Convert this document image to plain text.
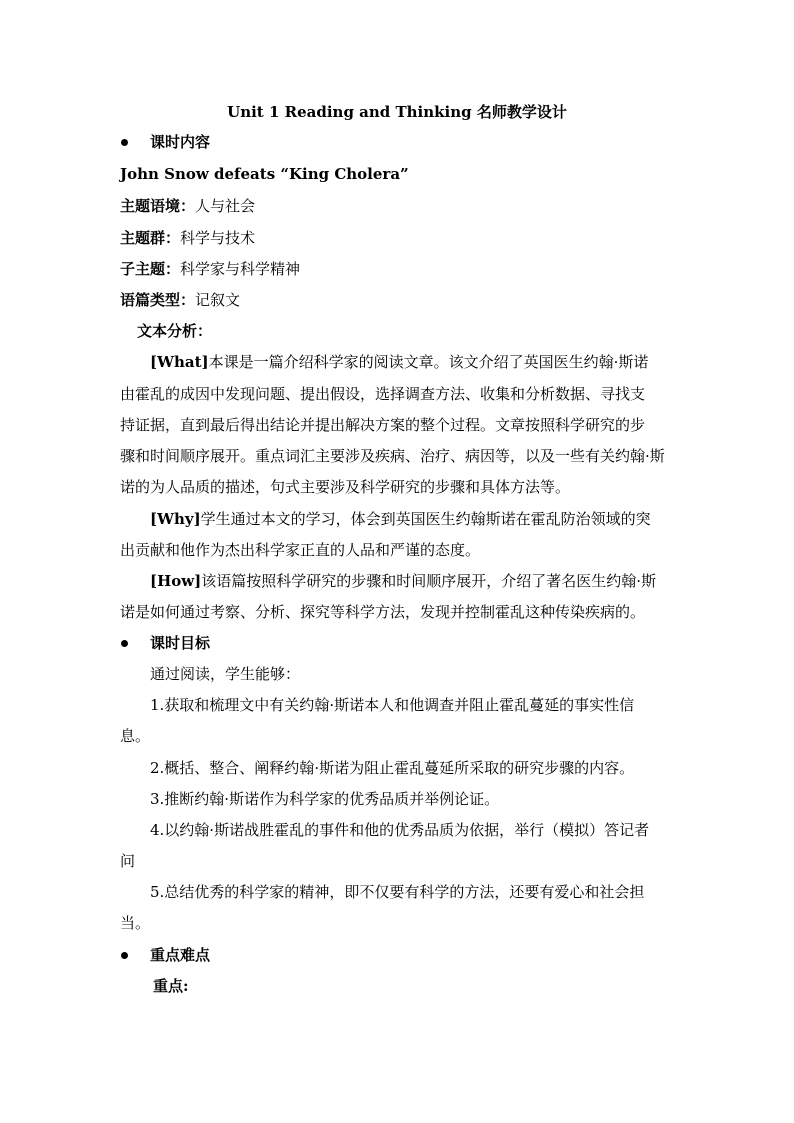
Unit 1 Reading and Thinking 名师教学设计
课时内容
John Snow defeats “King Cholera”
主题语境：人与社会
主题群：科学与技术
子主题：科学家与科学精神
语篇类型：记叙文
文本分析：
[What]本课是一篇介绍科学家的阅读文章。该文介绍了英国医生约翰·斯诺
由霍乱的成因中发现问题、提出假设，选择调查方法、收集和分析数据、寻找支
持证据，直到最后得出结论并提出解决方案的整个过程。文章按照科学研究的步
骤和时间顺序展开。重点词汇主要涉及疾病、治疗、病因等，以及一些有关约翰·斯
诺的为人品质的描述，句式主要涉及科学研究的步骤和具体方法等。
[Why]学生通过本文的学习，体会到英国医生约翰斯诺在霍乱防治领域的突
出贡献和他作为杰出科学家正直的人品和严谨的态度。
[How]该语篇按照科学研究的步骤和时间顺序展开，介绍了著名医生约翰·斯
诺是如何通过考察、分析、探究等科学方法，发现并控制霍乱这种传染疾病的。
课时目标
通过阅读，学生能够：
1.获取和梳理文中有关约翰·斯诺本人和他调查并阻止霍乱蔓延的事实性信
息。
2.概括、整合、阐释约翰·斯诺为阻止霍乱蔓延所采取的研究步骤的内容。
3.推断约翰·斯诺作为科学家的优秀品质并举例论证。
4.以约翰·斯诺战胜霍乱的事件和他的优秀品质为依据，举行（模拟）答记者
问
5.总结优秀的科学家的精神，即不仅要有科学的方法，还要有爱心和社会担
当。
重点难点
重点:
